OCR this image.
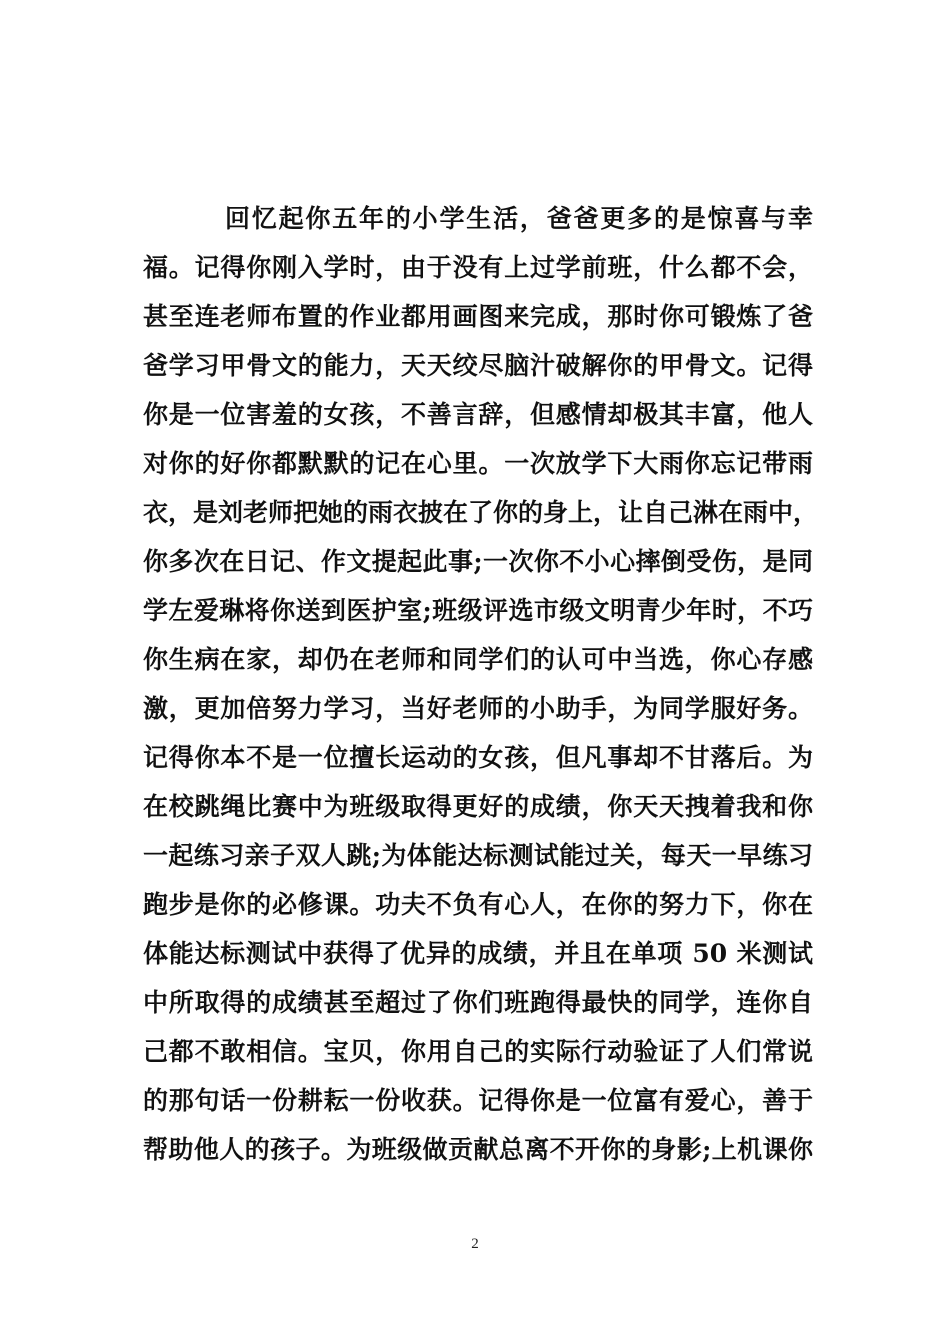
回忆起你五年的小学生活，爸爸更多的是惊喜与幸
福。记得你刚入学时，由于没有上过学前班，什么都不会，
甚至连老师布置的作业都用画图来完成，那时你可锻炼了爸
爸学习甲骨文的能力，天天绞尽脑汁破解你的甲骨文。记得
你是一位害羞的女孩，不善言辞，但感情却极其丰富，他人
对你的好你都默默的记在心里。一次放学下大雨你忘记带雨
衣，是刘老师把她的雨衣披在了你的身上，让自己淋在雨中，
你多次在日记、作文提起此事;一次你不小心摔倒受伤，是同
学左爱琳将你送到医护室;班级评选市级文明青少年时，不巧
你生病在家，却仍在老师和同学们的认可中当选，你心存感
激，更加倍努力学习，当好老师的小助手，为同学服好务。
记得你本不是一位擅长运动的女孩，但凡事却不甘落后。为
在校跳绳比赛中为班级取得更好的成绩，你天天拽着我和你
一起练习亲子双人跳;为体能达标测试能过关，每天一早练习
跑步是你的必修课。功夫不负有心人，在你的努力下，你在
体能达标测试中获得了优异的成绩，并且在单项 50 米测试
中所取得的成绩甚至超过了你们班跑得最快的同学，连你自
己都不敢相信。宝贝，你用自己的实际行动验证了人们常说
的那句话一份耕耘一份收获。记得你是一位富有爱心，善于
帮助他人的孩子。为班级做贡献总离不开你的身影;上机课你
2
